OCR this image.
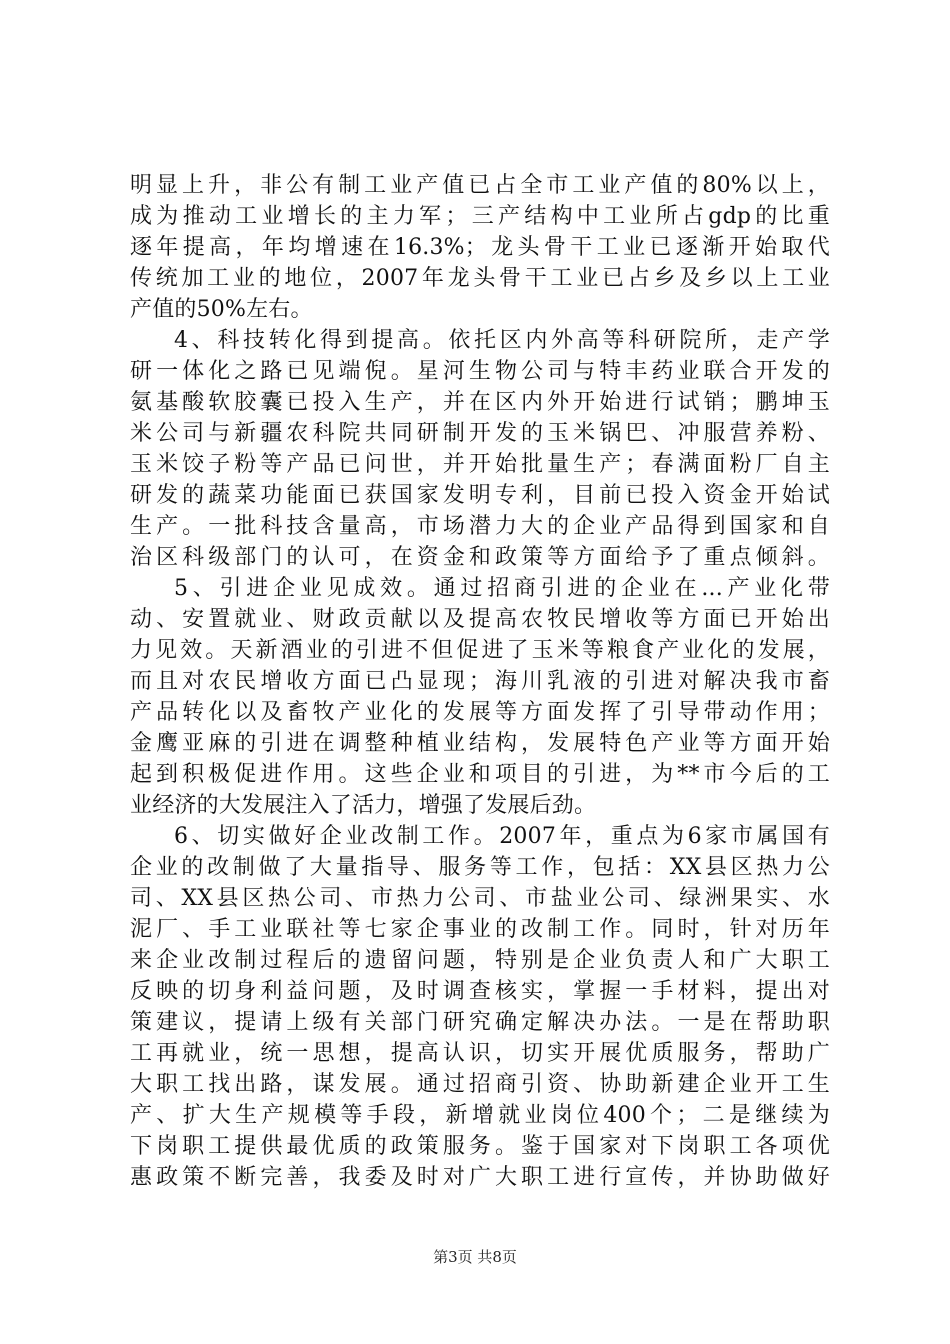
明显上升，非公有制工业产值已占全市工业产值的80%以上，
成为推动工业增长的主力军；三产结构中工业所占gdp的比重
逐年提高，年均增速在16.3%；龙头骨干工业已逐渐开始取代
传统加工业的地位，2007年龙头骨干工业已占乡及乡以上工业
产值的50%左右。
4、科技转化得到提高。依托区内外高等科研院所，走产学
研一体化之路已见端倪。星河生物公司与特丰药业联合开发的
氨基酸软胶囊已投入生产，并在区内外开始进行试销；鹏坤玉
米公司与新疆农科院共同研制开发的玉米锅巴、冲服营养粉、
玉米饺子粉等产品已问世，并开始批量生产；春满面粉厂自主
研发的蔬菜功能面已获国家发明专利，目前已投入资金开始试
生产。一批科技含量高，市场潜力大的企业产品得到国家和自
治区科级部门的认可，在资金和政策等方面给予了重点倾斜。
5、引进企业见成效。通过招商引进的企业在...产业化带
动、安置就业、财政贡献以及提高农牧民增收等方面已开始出
力见效。天新酒业的引进不但促进了玉米等粮食产业化的发展，
而且对农民增收方面已凸显现；海川乳液的引进对解决我市畜
产品转化以及畜牧产业化的发展等方面发挥了引导带动作用；
金鹰亚麻的引进在调整种植业结构，发展特色产业等方面开始
起到积极促进作用。这些企业和项目的引进，为**市今后的工
业经济的大发展注入了活力，增强了发展后劲。
6、切实做好企业改制工作。2007年，重点为6家市属国有
企业的改制做了大量指导、服务等工作，包括：XX县区热力公
司、XX县区热公司、市热力公司、市盐业公司、绿洲果实、水
泥厂、手工业联社等七家企事业的改制工作。同时，针对历年
来企业改制过程后的遗留问题，特别是企业负责人和广大职工
反映的切身利益问题，及时调查核实，掌握一手材料，提出对
策建议，提请上级有关部门研究确定解决办法。一是在帮助职
工再就业，统一思想，提高认识，切实开展优质服务，帮助广
大职工找出路，谋发展。通过招商引资、协助新建企业开工生
产、扩大生产规模等手段，新增就业岗位400个；二是继续为
下岗职工提供最优质的政策服务。鉴于国家对下岗职工各项优
惠政策不断完善，我委及时对广大职工进行宣传，并协助做好
第3页 共8页
